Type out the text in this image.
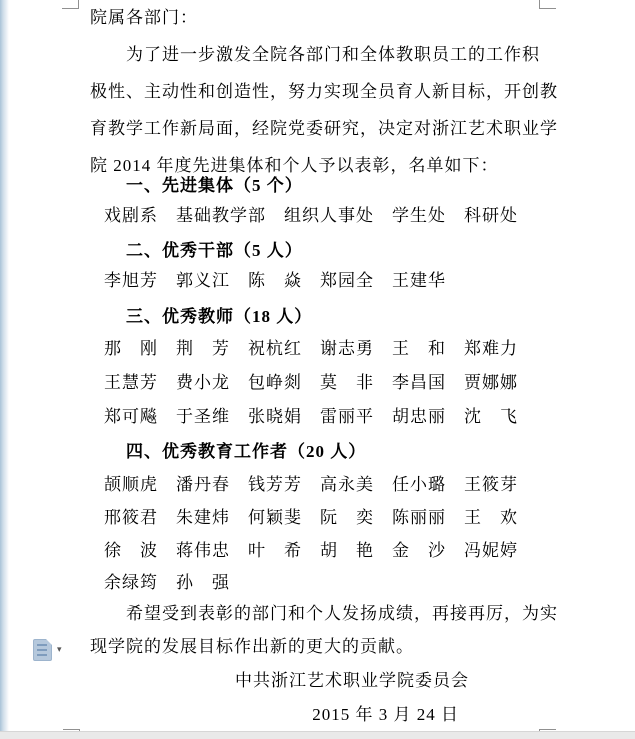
院属各部门：
为了进一步激发全院各部门和全体教职员工的工作积
极性、主动性和创造性，努力实现全员育人新目标，开创教
育教学工作新局面，经院党委研究，决定对浙江艺术职业学
院 2014 年度先进集体和个人予以表彰，名单如下：
一、先进集体（5 个）
戏剧系　基础教学部　组织人事处　学生处　科研处
二、优秀干部（5 人）
李旭芳　郭义江　陈　焱　郑园全　王建华
三、优秀教师（18 人）
那　刚　荆　芳　祝杭红　谢志勇　王　和　郑难力
王慧芳　费小龙　包峥剡　莫　非　李昌国　贾娜娜
郑可飚　于圣维　张晓娟　雷丽平　胡忠丽　沈　飞
四、优秀教育工作者（20 人）
颉顺虎　潘丹春　钱芳芳　高永美　任小璐　王筱芽
邢筱君　朱建炜　何颖斐　阮　奕　陈丽丽　王　欢
徐　波　蒋伟忠　叶　希　胡　艳　金　沙　冯妮婷
余绿筠　孙　强
希望受到表彰的部门和个人发扬成绩，再接再厉，为实
现学院的发展目标作出新的更大的贡献。
中共浙江艺术职业学院委员会
2015 年 3 月 24 日
▾
